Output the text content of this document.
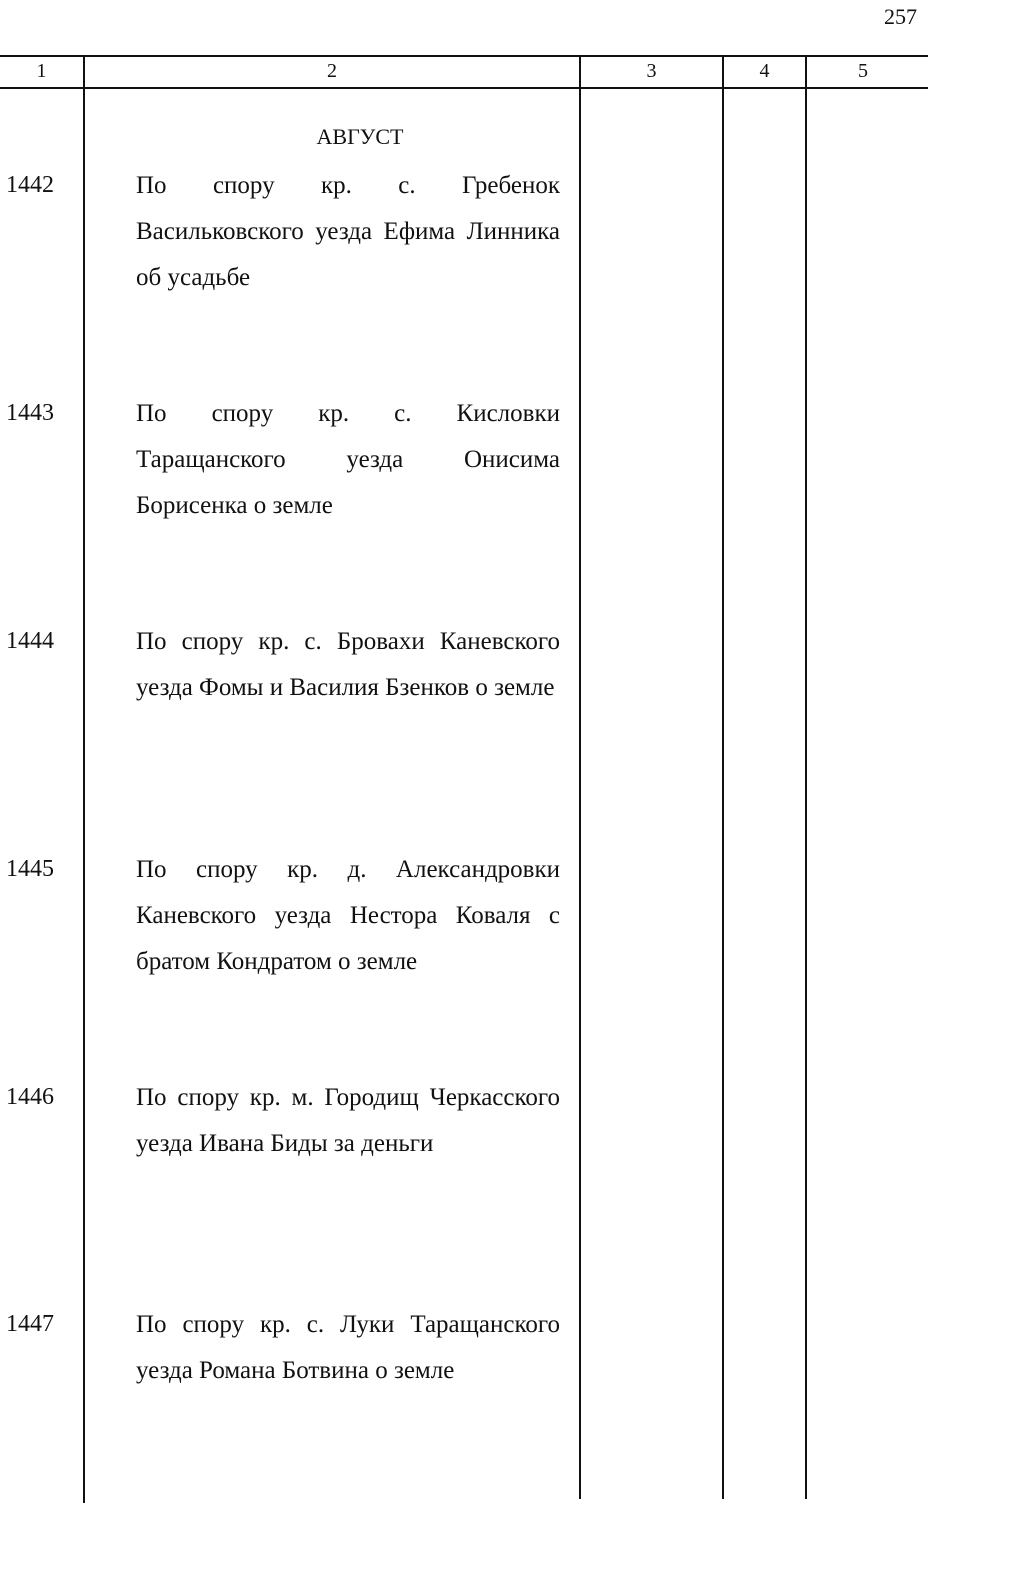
257
1	2	3	4	5
АВГУСТ
1442	По спору кр. с. Гребенок Васильковского уезда Ефима Линника об усадьбе
1443	По спору кр. с. Кисловки Таращанского уезда Онисима Борисенка о земле
1444	По спору кр. с. Бровахи Каневского уезда Фомы и Василия Бзенков о земле
1445	По спору кр. д. Александровки Каневского уезда Нестора Коваля с братом Кондратом о земле
1446	По спору кр. м. Городищ Черкасского уезда Ивана Биды за деньги
1447	По спору кр. с. Луки Таращанского уезда Романа Ботвина о земле
